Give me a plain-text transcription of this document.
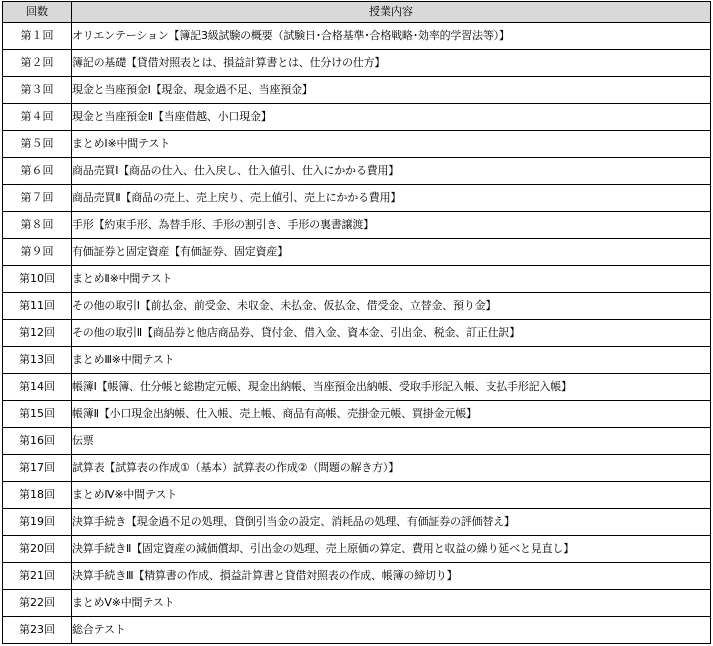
回数	授業内容
第１回	オリエンテーション【簿記3級試験の概要（試験日･合格基準･合格戦略･効率的学習法等）】
第２回	簿記の基礎【貸借対照表とは、損益計算書とは、仕分けの仕方】
第３回	現金と当座預金Ⅰ【現金、現金過不足、当座預金】
第４回	現金と当座預金Ⅱ【当座借越、小口現金】
第５回	まとめⅠ※中間テスト
第６回	商品売買Ⅰ【商品の仕入、仕入戻し、仕入値引、仕入にかかる費用】
第７回	商品売買Ⅱ【商品の売上、売上戻り、売上値引、売上にかかる費用】
第８回	手形【約束手形、為替手形、手形の割引き、手形の裏書譲渡】
第９回	有価証券と固定資産【有価証券、固定資産】
第10回	まとめⅡ※中間テスト
第11回	その他の取引Ⅰ【前払金、前受金、未収金、未払金、仮払金、借受金、立替金、預り金】
第12回	その他の取引Ⅱ【商品券と他店商品券、貸付金、借入金、資本金、引出金、税金、訂正仕訳】
第13回	まとめⅢ※中間テスト
第14回	帳簿Ⅰ【帳簿、仕分帳と総勘定元帳、現金出納帳、当座預金出納帳、受取手形記入帳、支払手形記入帳】
第15回	帳簿Ⅱ【小口現金出納帳、仕入帳、売上帳、商品有高帳、売掛金元帳、買掛金元帳】
第16回	伝票
第17回	試算表【試算表の作成①（基本）試算表の作成②（問題の解き方）】
第18回	まとめⅣ※中間テスト
第19回	決算手続き【現金過不足の処理、貸倒引当金の設定、消耗品の処理、有価証券の評価替え】
第20回	決算手続きⅡ【固定資産の減価償却、引出金の処理、売上原価の算定、費用と収益の繰り延べと見直し】
第21回	決算手続きⅢ【精算書の作成、損益計算書と貸借対照表の作成、帳簿の締切り】
第22回	まとめⅤ※中間テスト
第23回	総合テスト
